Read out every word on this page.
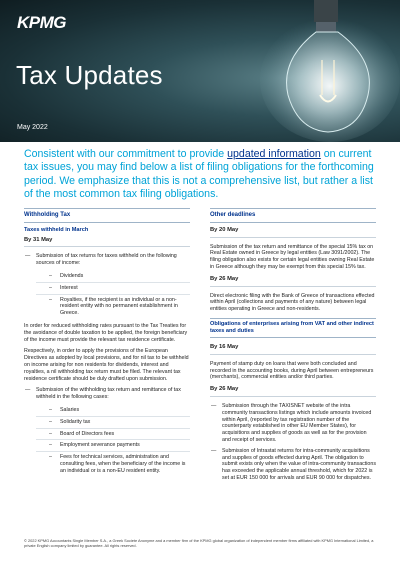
KPMG
Tax Updates
May 2022
Consistent with our commitment to provide updated information on current tax issues, you may find below a list of filing obligations for the forthcoming period. We emphasize that this is not a comprehensive list, but rather a list of the most common tax filing obligations.
Withholding Tax
Taxes withheld in March
By 31 May
— Submission of tax returns for taxes withheld on the following sources of income:
– Dividends
– Interest
– Royalties, if the recipient is an individual or a non-resident entity with no permanent establishment in Greece.
In order for reduced withholding rates pursuant to the Tax Treaties for the avoidance of double taxation to be applied, the foreign beneficiary of the income must provide the relevant tax residence certificate.
Respectively, in order to apply the provisions of the European Directives as adopted by local provisions, and for nil tax to be withheld on income arising for non residents for dividends, interest and royalties, a nil withholding tax return must be filed. The relevant tax residence certificate should be duly drafted upon submission.
— Submission of the withholding tax return and remittance of tax withheld in the following cases:
– Salaries
– Solidarity tax
– Board of Directors fees
– Employment severance payments
– Fees for technical services, administration and consulting fees, when the beneficiary of the income is an individual or is a non-EU resident entity.
Other deadlines
By 20 May
Submission of the tax return and remittance of the special 15% tax on Real Estate owned in Greece by legal entities (Law 3091/2002). The filing obligation also exists for certain legal entities owning Real Estate in Greece although they may be exempt from this special 15% tax.
By 26 May
Direct electronic filing with the Bank of Greece of transactions effected within April (collections and payments of any nature) between legal entities operating in Greece and non-residents.
Obligations of enterprises arising from VAT and other indirect taxes and duties
By 16 May
Payment of stamp duty on loans that were both concluded and recorded in the accounting books, during April between entrepreneurs (merchants), commercial entities and/or third parties.
By 26 May
— Submission through the TAXISNET website of the intra community transactions listings which include amounts invoiced within April, (reported by tax registration number of the counterparty established in other EU Member States), for acquisitions and supplies of goods as well as for the provision and receipt of services.
— Submission of Intrastat returns for intra-community acquisitions and supplies of goods effected during April. The obligation to submit exists only when the value of intra-community transactions has exceeded the applicable annual threshold, which for 2022 is set at EUR 150 000 for arrivals and EUR 90 000 for dispatches.
© 2022 KPMG Accountants Single Member S.A., a Greek Societe Anonyme and a member firm of the KPMG global organization of independent member firms affiliated with KPMG International Limited, a private English company limited by guarantee. All rights reserved.
